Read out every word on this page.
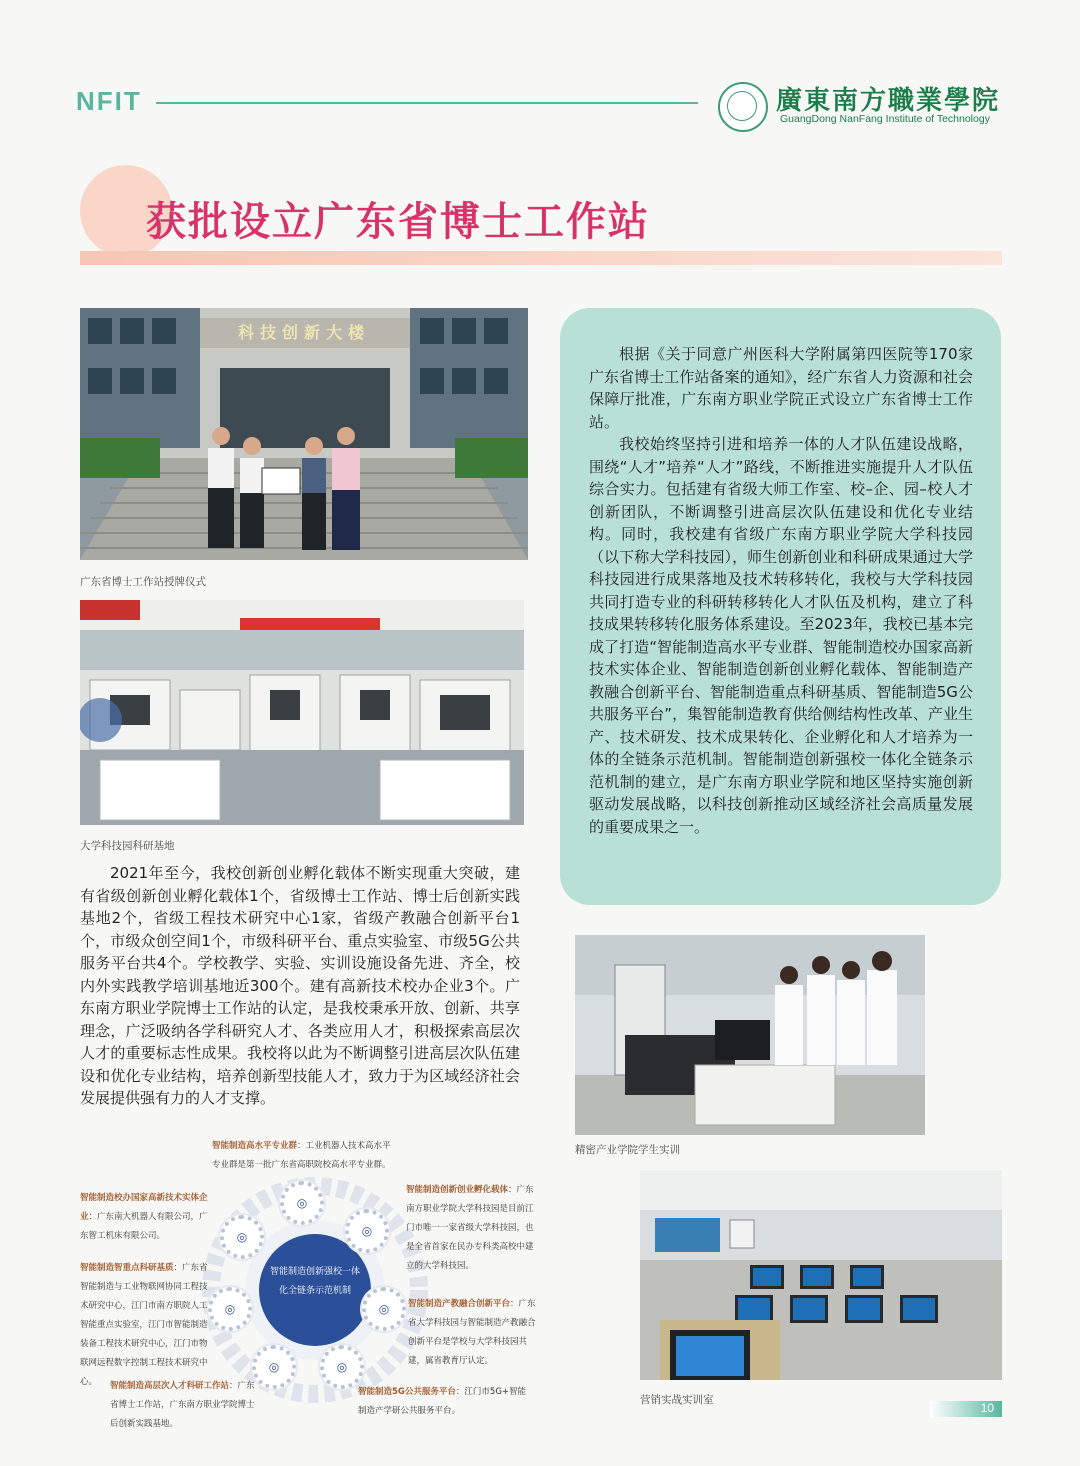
NFIT	廣東南方職業學院
GuangDong NanFang Institute of Technology
获批设立广东省博士工作站
科技创新大楼
广东省博士工作站授牌仪式
大学科技园科研基地
根据《关于同意广州医科大学附属第四医院等170家广东省博士工作站备案的通知》，经广东省人力资源和社会保障厅批准，广东南方职业学院正式设立广东省博士工作站。
我校始终坚持引进和培养一体的人才队伍建设战略，围绕“人才”培养“人才”路线，不断推进实施提升人才队伍综合实力。包括建有省级大师工作室、校–企、园–校人才创新团队，不断调整引进高层次队伍建设和优化专业结构。同时，我校建有省级广东南方职业学院大学科技园（以下称大学科技园），师生创新创业和科研成果通过大学科技园进行成果落地及技术转移转化，我校与大学科技园共同打造专业的科研转移转化人才队伍及机构，建立了科技成果转移转化服务体系建设。至2023年，我校已基本完成了打造“智能制造高水平专业群、智能制造校办国家高新技术实体企业、智能制造创新创业孵化载体、智能制造产教融合创新平台、智能制造重点科研基质、智能制造5G公共服务平台”，集智能制造教育供给侧结构性改革、产业生产、技术研发、技术成果转化、企业孵化和人才培养为一体的全链条示范机制。智能制造创新强校一体化全链条示范机制的建立，是广东南方职业学院和地区坚持实施创新驱动发展战略，以科技创新推动区域经济社会高质量发展的重要成果之一。
2021年至今，我校创新创业孵化载体不断实现重大突破，建有省级创新创业孵化载体1个，省级博士工作站、博士后创新实践基地2个，省级工程技术研究中心1家，省级产教融合创新平台1个，市级众创空间1个，市级科研平台、重点实验室、市级5G公共服务平台共4个。学校教学、实验、实训设施设备先进、齐全，校内外实践教学培训基地近300个。建有高新技术校办企业3个。广东南方职业学院博士工作站的认定，是我校秉承开放、创新、共享理念，广泛吸纳各学科研究人才、各类应用人才，积极探索高层次人才的重要标志性成果。我校将以此为不断调整引进高层次队伍建设和优化专业结构，培养创新型技能人才，致力于为区域经济社会发展提供强有力的人才支撑。
精密产业学院学生实训
营销实战实训室
智能制造创新强校一体化全链条示范机制
◎
◎
◎
◎
◎
◎
◎
智能制造高水平专业群：工业机器人技术高水平专业群是第一批广东省高职院校高水平专业群。
智能制造校办国家高新技术实体企业：广东南大机器人有限公司，广东智工机床有限公司。
智能制造创新创业孵化载体：广东南方职业学院大学科技园是目前江门市唯一一家省级大学科技园，也是全省首家在民办专科类高校中建立的大学科技园。
智能制造智重点科研基质：广东省智能制造与工业物联网协同工程技术研究中心，江门市南方职院人工智能重点实验室，江门市智能制造装备工程技术研究中心，江门市物联网远程数字控制工程技术研究中心。
智能制造产教融合创新平台：广东省大学科技园与智能制造产教融合创新平台是学校与大学科技园共建，属省教育厅认定。
智能制造高层次人才科研工作站：广东省博士工作站，广东南方职业学院博士后创新实践基地。
智能制造5G公共服务平台：江门市5G+智能制造产学研公共服务平台。	10
